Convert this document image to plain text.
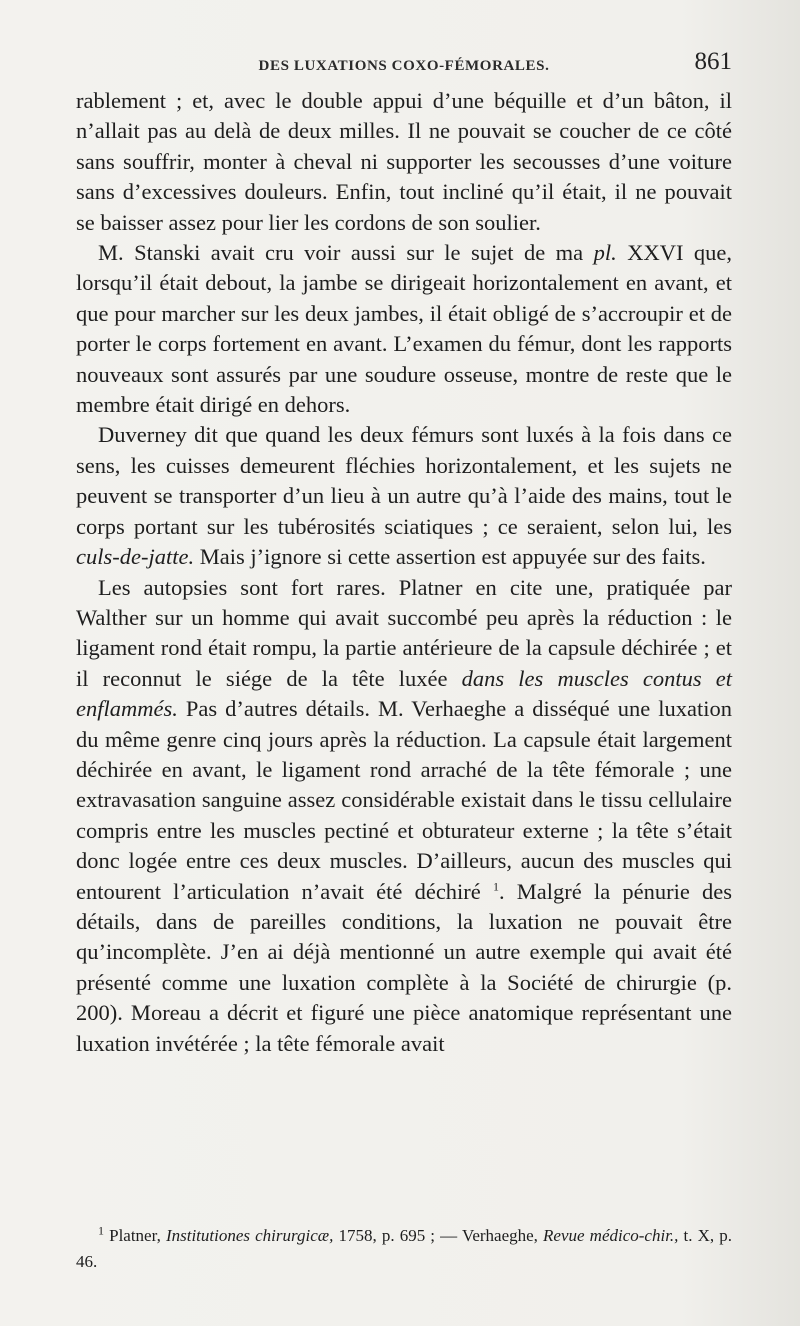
DES LUXATIONS COXO-FÉMORALES.	861

rablement ; et, avec le double appui d’une béquille et d’un bâton, il n’allait pas au delà de deux milles. Il ne pouvait se coucher de ce côté sans souffrir, monter à cheval ni supporter les secousses d’une voiture sans d’excessives douleurs. Enfin, tout incliné qu’il était, il ne pouvait se baisser assez pour lier les cordons de son soulier.

M. Stanski avait cru voir aussi sur le sujet de ma pl. XXVI que, lorsqu’il était debout, la jambe se dirigeait horizontalement en avant, et que pour marcher sur les deux jambes, il était obligé de s’accroupir et de porter le corps fortement en avant. L’examen du fémur, dont les rapports nouveaux sont assurés par une soudure osseuse, montre de reste que le membre était dirigé en dehors.

Duverney dit que quand les deux fémurs sont luxés à la fois dans ce sens, les cuisses demeurent fléchies horizontalement, et les sujets ne peuvent se transporter d’un lieu à un autre qu’à l’aide des mains, tout le corps portant sur les tubérosités sciatiques ; ce seraient, selon lui, les culs-de-jatte. Mais j’ignore si cette assertion est appuyée sur des faits.

Les autopsies sont fort rares. Platner en cite une, pratiquée par Walther sur un homme qui avait succombé peu après la réduction : le ligament rond était rompu, la partie antérieure de la capsule déchirée ; et il reconnut le siége de la tête luxée dans les muscles contus et enflammés. Pas d’autres détails. M. Verhaeghe a disséqué une luxation du même genre cinq jours après la réduction. La capsule était largement déchirée en avant, le ligament rond arraché de la tête fémorale ; une extravasation sanguine assez considérable existait dans le tissu cellulaire compris entre les muscles pectiné et obturateur externe ; la tête s’était donc logée entre ces deux muscles. D’ailleurs, aucun des muscles qui entourent l’articulation n’avait été déchiré $^1$. Malgré la pénurie des détails, dans de pareilles conditions, la luxation ne pouvait être qu’incomplète. J’en ai déjà mentionné un autre exemple qui avait été présenté comme une luxation complète à la Société de chirurgie (p. 200). Moreau a décrit et figuré une pièce anatomique représentant une luxation invétérée ; la tête fémorale avait

$^1$ Platner, Institutiones chirurgicæ, 1758, p. 695 ; — Verhaeghe, Revue médico-chir., t. X, p. 46.
